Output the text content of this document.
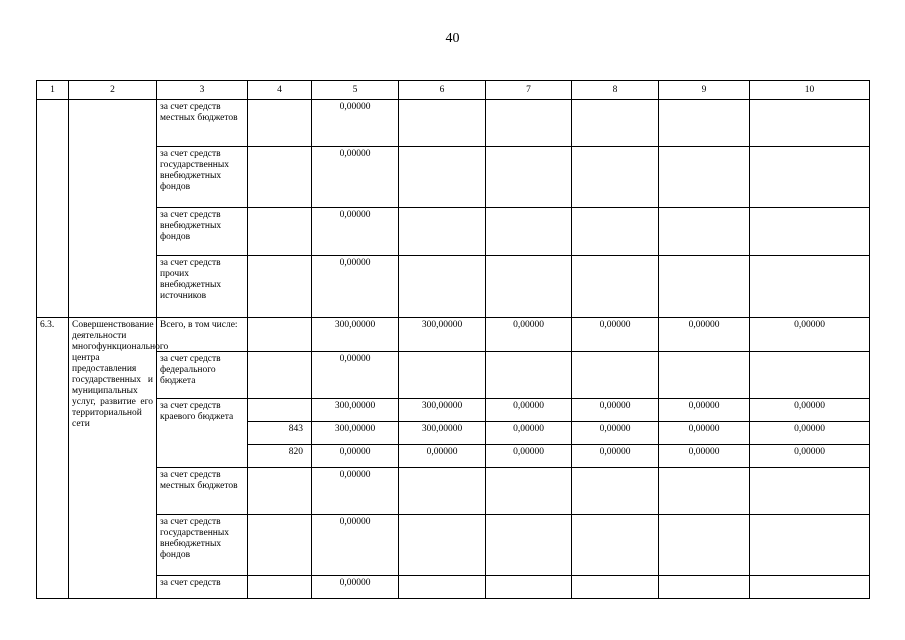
40
1	2	3	4	5	6	7	8	9	10
		за счет средств местных бюджетов		0,00000					
		за счет средств государственных внебюджетных фондов		0,00000					
		за счет средств внебюджетных фондов		0,00000					
		за счет средств прочих внебюджетных источников		0,00000					
6.3.	Совершенствование деятельности многофункционального центра предоставления государственных и муниципальных услуг, развитие его территориальной сети	Всего, в том числе:		300,00000	300,00000	0,00000	0,00000	0,00000	0,00000
		за счет средств федерального бюджета		0,00000					
		за счет средств краевого бюджета		300,00000	300,00000	0,00000	0,00000	0,00000	0,00000
			843	300,00000	300,00000	0,00000	0,00000	0,00000	0,00000
			820	0,00000	0,00000	0,00000	0,00000	0,00000	0,00000
		за счет средств местных бюджетов		0,00000					
		за счет средств государственных внебюджетных фондов		0,00000					
		за счет средств		0,00000					
